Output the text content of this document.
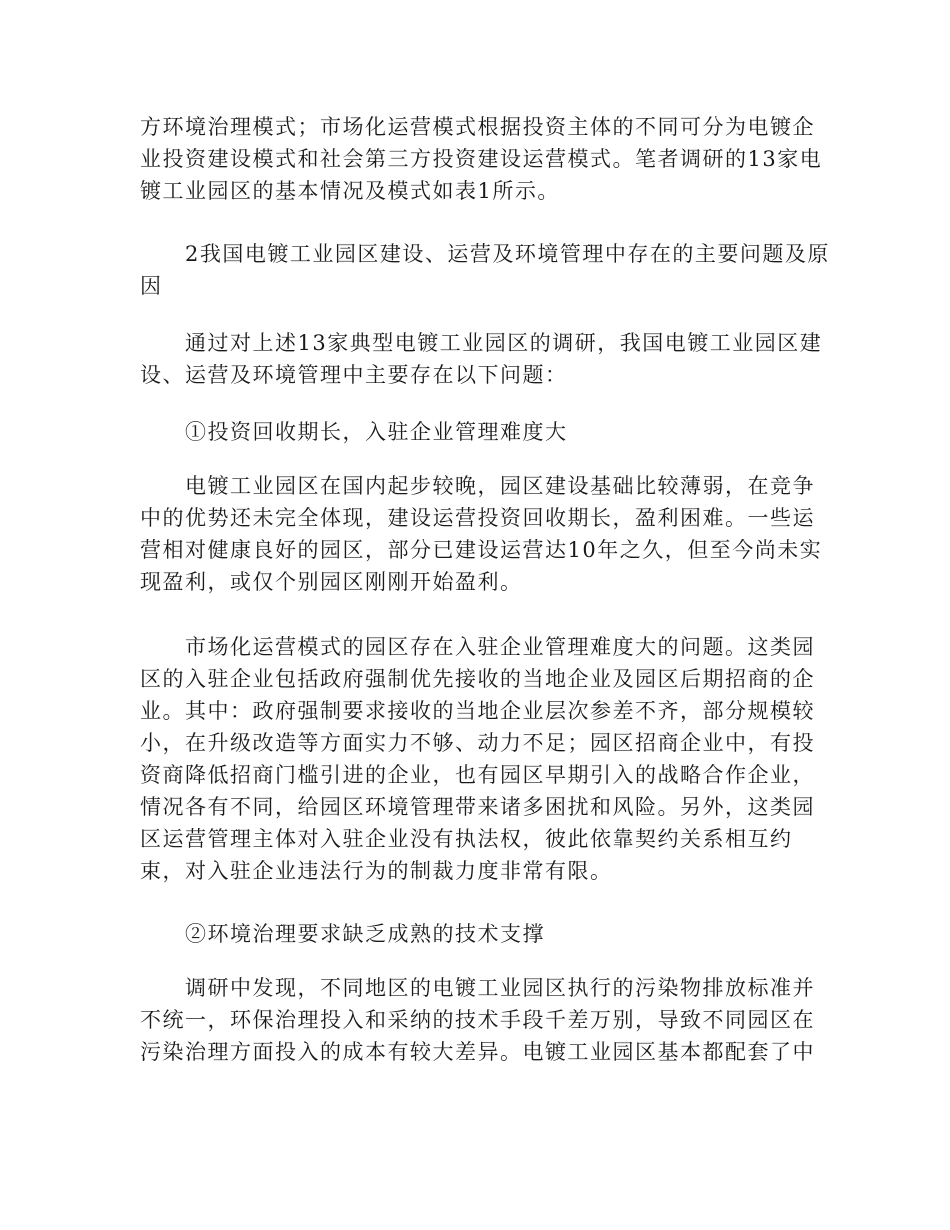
方环境治理模式；市场化运营模式根据投资主体的不同可分为电镀企
业投资建设模式和社会第三方投资建设运营模式。笔者调研的13家电
镀工业园区的基本情况及模式如表1所示。
2我国电镀工业园区建设、运营及环境管理中存在的主要问题及原
因
通过对上述13家典型电镀工业园区的调研，我国电镀工业园区建
设、运营及环境管理中主要存在以下问题：
①投资回收期长，入驻企业管理难度大
电镀工业园区在国内起步较晚，园区建设基础比较薄弱，在竞争
中的优势还未完全体现，建设运营投资回收期长，盈利困难。一些运
营相对健康良好的园区，部分已建设运营达10年之久，但至今尚未实
现盈利，或仅个别园区刚刚开始盈利。
市场化运营模式的园区存在入驻企业管理难度大的问题。这类园
区的入驻企业包括政府强制优先接收的当地企业及园区后期招商的企
业。其中：政府强制要求接收的当地企业层次参差不齐，部分规模较
小，在升级改造等方面实力不够、动力不足；园区招商企业中，有投
资商降低招商门槛引进的企业，也有园区早期引入的战略合作企业，
情况各有不同，给园区环境管理带来诸多困扰和风险。另外，这类园
区运营管理主体对入驻企业没有执法权，彼此依靠契约关系相互约
束，对入驻企业违法行为的制裁力度非常有限。
②环境治理要求缺乏成熟的技术支撑
调研中发现，不同地区的电镀工业园区执行的污染物排放标准并
不统一，环保治理投入和采纳的技术手段千差万别，导致不同园区在
污染治理方面投入的成本有较大差异。电镀工业园区基本都配套了中
